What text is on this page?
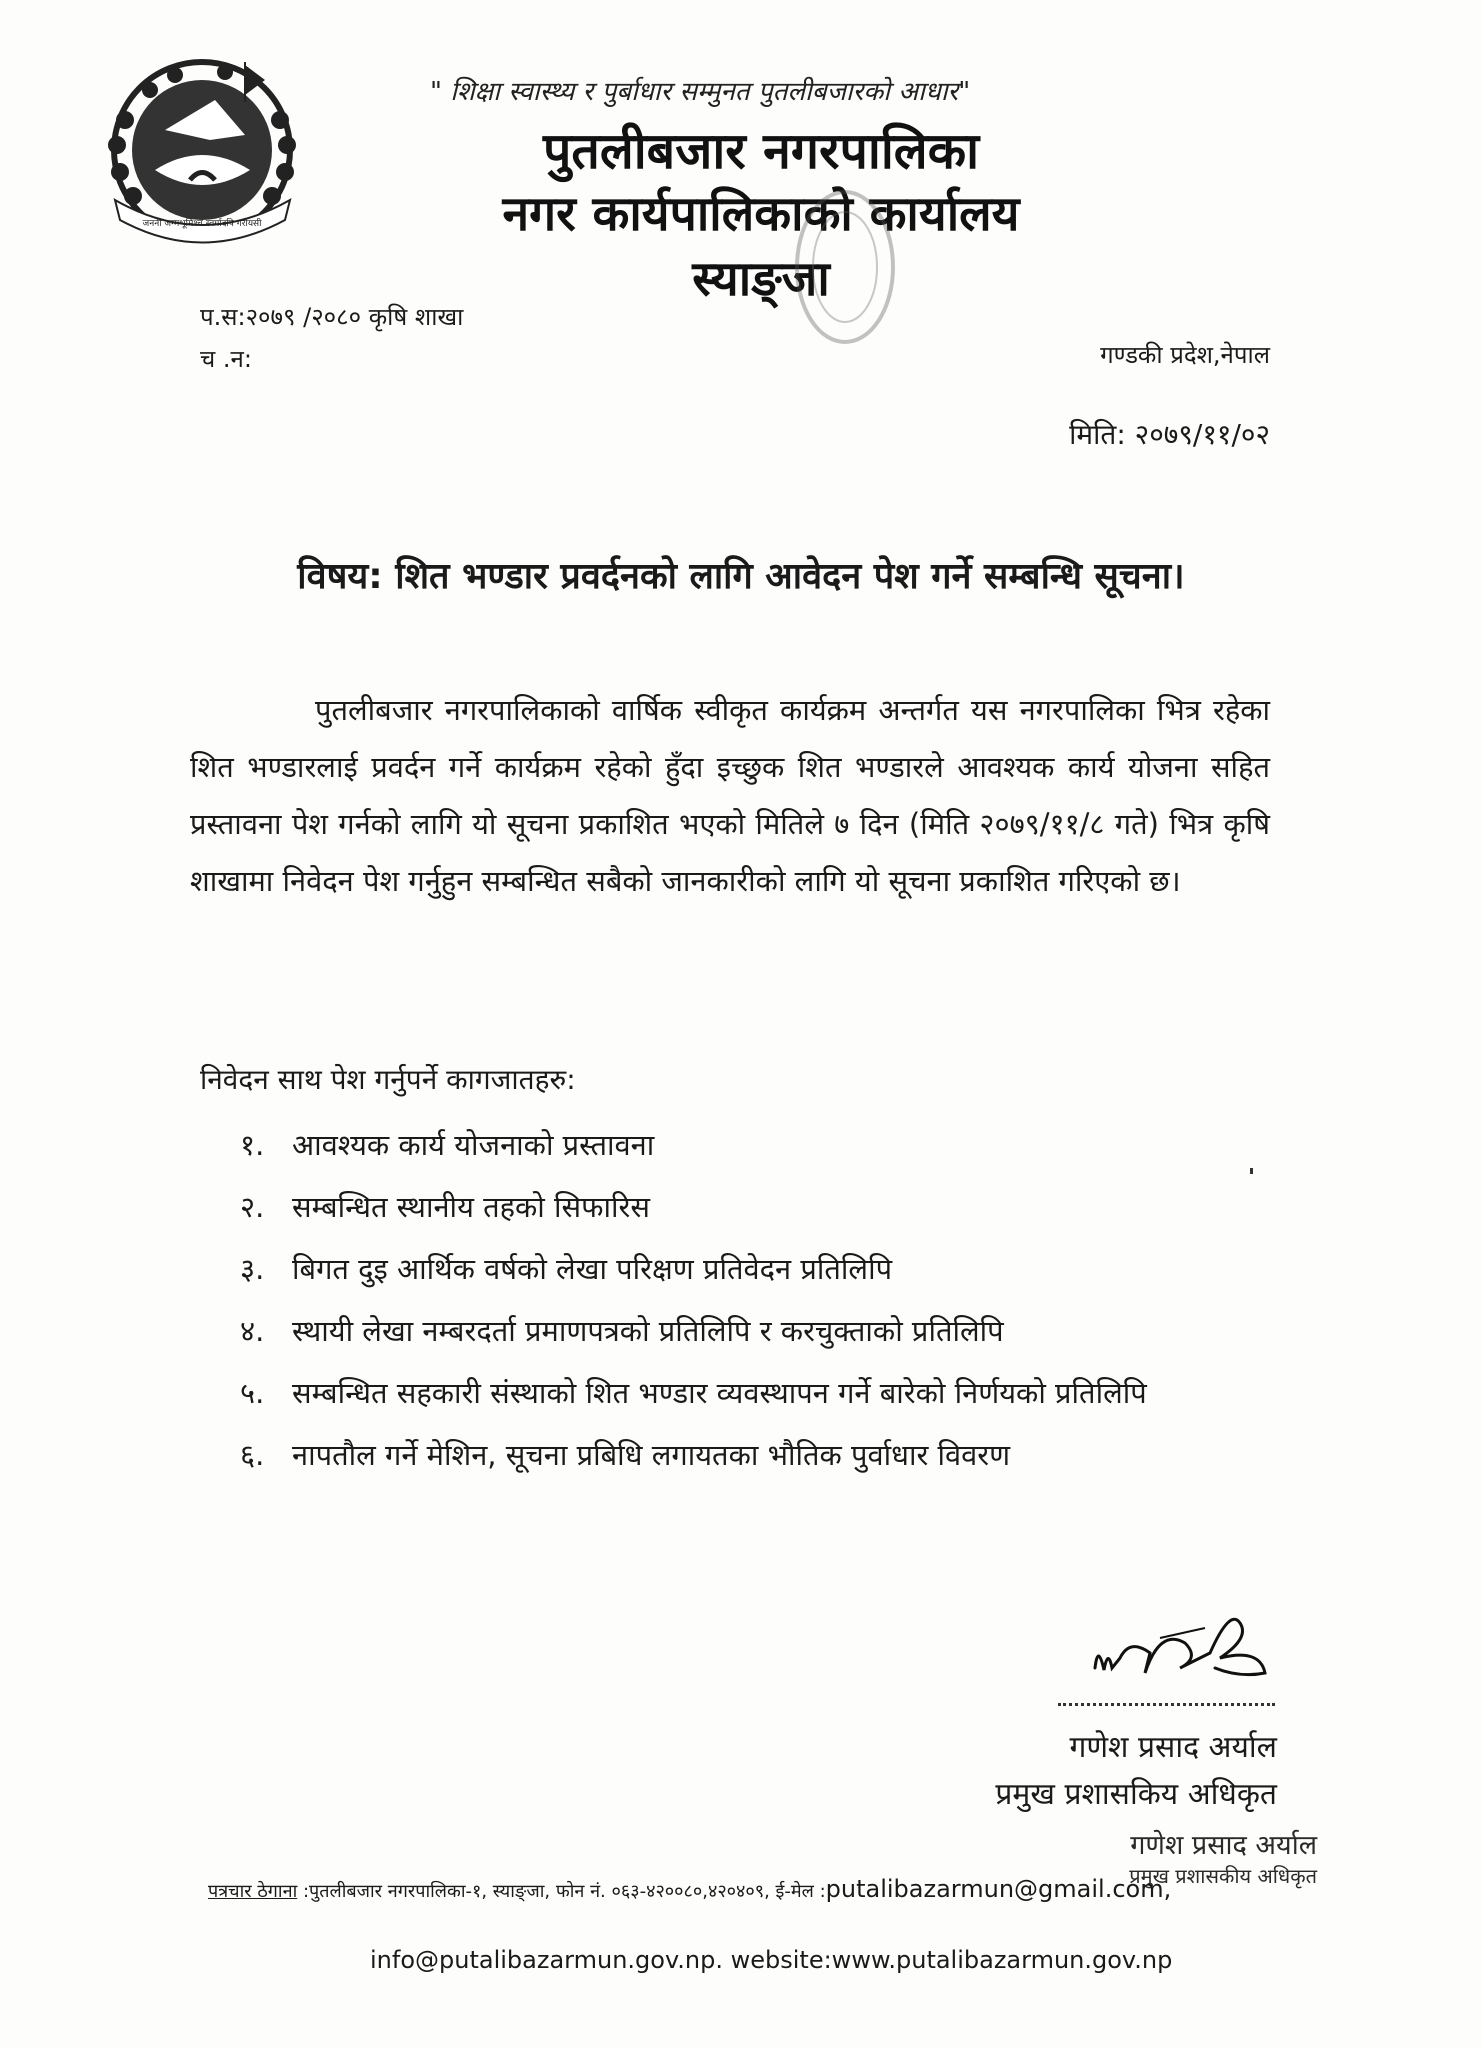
जननी जन्मभूमिश्च स्वर्गादपि गरीयसी
" शिक्षा स्वास्थ्य र पुर्बाधार सम्मुनत पुतलीबजारको आधार"
पुतलीबजार नगरपालिका
नगर कार्यपालिकाको कार्यालय
स्याङ्जा
प.स:२०७९ /२०८० कृषि शाखा
च .न:	गण्डकी प्रदेश,नेपाल
मिति: २०७९/११/०२
विषय: शित भण्डार प्रवर्दनको लागि आवेदन पेश गर्ने सम्बन्धि सूचना।
पुतलीबजार नगरपालिकाको वार्षिक स्वीकृत कार्यक्रम अन्तर्गत यस नगरपालिका भित्र रहेका शित भण्डारलाई प्रवर्दन गर्ने कार्यक्रम रहेको हुँदा इच्छुक शित भण्डारले आवश्यक कार्य योजना सहित प्रस्तावना पेश गर्नको लागि यो सूचना प्रकाशित भएको मितिले ७ दिन (मिति २०७९/११/८ गते) भित्र कृषि शाखामा निवेदन पेश गर्नुहुन सम्बन्धित सबैको जानकारीको लागि यो सूचना प्रकाशित गरिएको छ।
निवेदन साथ पेश गर्नुपर्ने कागजातहरु:
१. आवश्यक कार्य योजनाको प्रस्तावना
२. सम्बन्धित स्थानीय तहको सिफारिस
३. बिगत दुइ आर्थिक वर्षको लेखा परिक्षण प्रतिवेदन प्रतिलिपि
४. स्थायी लेखा नम्बरदर्ता प्रमाणपत्रको प्रतिलिपि र करचुक्ताको प्रतिलिपि
५. सम्बन्धित सहकारी संस्थाको शित भण्डार व्यवस्थापन गर्ने बारेको निर्णयको प्रतिलिपि
६. नापतौल गर्ने मेशिन, सूचना प्रबिधि लगायतका भौतिक पुर्वाधार विवरण
गणेश प्रसाद अर्याल
प्रमुख प्रशासकिय अधिकृत
गणेश प्रसाद अर्याल
प्रमुख प्रशासकीय अधिकृत
पत्रचार ठेगाना :पुतलीबजार नगरपालिका-१, स्याङ्जा, फोन नं. ०६३-४२००८०,४२०४०९, ई-मेल :putalibazarmun@gmail.com,
info@putalibazarmun.gov.np. website:www.putalibazarmun.gov.np
